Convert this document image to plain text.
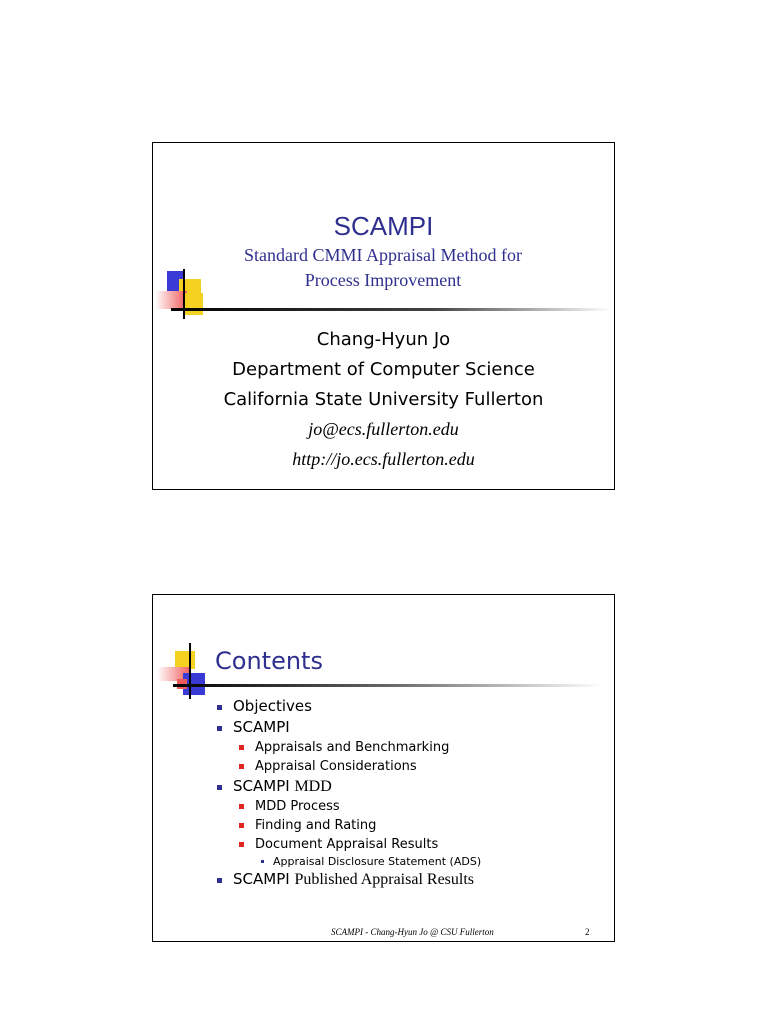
SCAMPI
Standard CMMI Appraisal Method for
Process Improvement
Chang-Hyun Jo
Department of Computer Science
California State University Fullerton
jo@ecs.fullerton.edu
http://jo.ecs.fullerton.edu
Contents
Objectives
SCAMPI
Appraisals and Benchmarking
Appraisal Considerations
SCAMPI MDD
MDD Process
Finding and Rating
Document Appraisal Results
Appraisal Disclosure Statement (ADS)
SCAMPI Published Appraisal Results
SCAMPI - Chang-Hyun Jo @ CSU Fullerton	2
